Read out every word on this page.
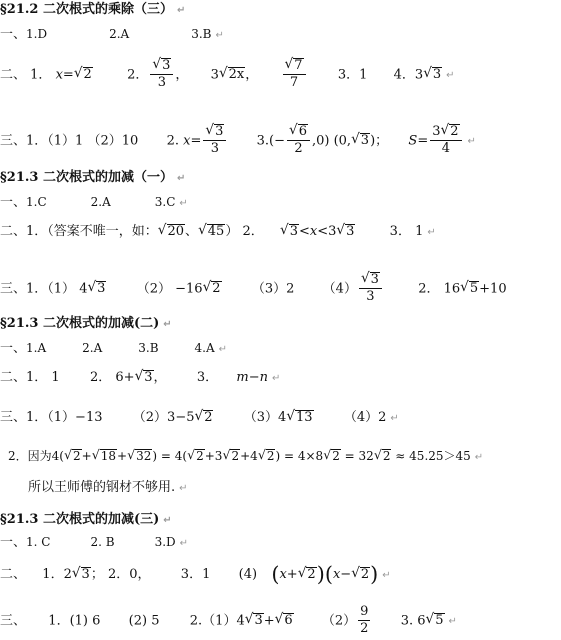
§21.2 二次根式的乘除（三） ↵
一、1.D	2.A	3.B ↵
二、 1． x= √ 2	2． $\frac{√ 3}{3}$ ， 3 √ 2x ， $\frac{√ 7}{7} 3$．1 4．3 √ 3 ↵
三、1．（1）1 （2）10 2. $x= \frac{√ 3}{3} 3.(- \frac{√ 6}{2} ,0)$ (0, √ 3 )； $S= \frac{3 √ 2}{4}$ ↵
§21.3 二次根式的加减（一） ↵
一、1.C	2.A	3.C ↵
二、1．（答案不唯一，如： √ 20 、 √ 45 ） 2． √ 3 <x<3 √ 3	3． 1 ↵
三、1．（1） 4 √ 3 （2） −16 √ 2 （3）2 $(4) \frac{√ 3}{3}$	2． 16 √ 5 +10
§21.3 二次根式的加减(二) ↵
一、1.A	2.A	3.B	4.A ↵
二、1． 1 2． 6+ √ 3 ， 3． m−n ↵
三、1．（1）−13 （2）3−5 √ 2 （3）4 √ 13 （4）2 ↵
2．因为4( √ 2 + √ 18 + √ 32 ) = 4( √ 2 +3 √ 2 +4 √ 2 ) = 4×8 √ 2 = 32 √ 2 ≈ 45.25＞45 ↵
所以王师傅的钢材不够用. ↵
§21.3 二次根式的加减(三) ↵
一、1. C	2. B	3.D ↵
二、 1．2 √ 3 ； 2．0， 3．1 (4) (x+ √ 2 )(x− √ 2 ) ↵
三、 1．(1) 6 (2) 5 2.（1）4 √ 3 + √ 6 $(2) \frac{9}{2} 3$. 6 √ 5 ↵
